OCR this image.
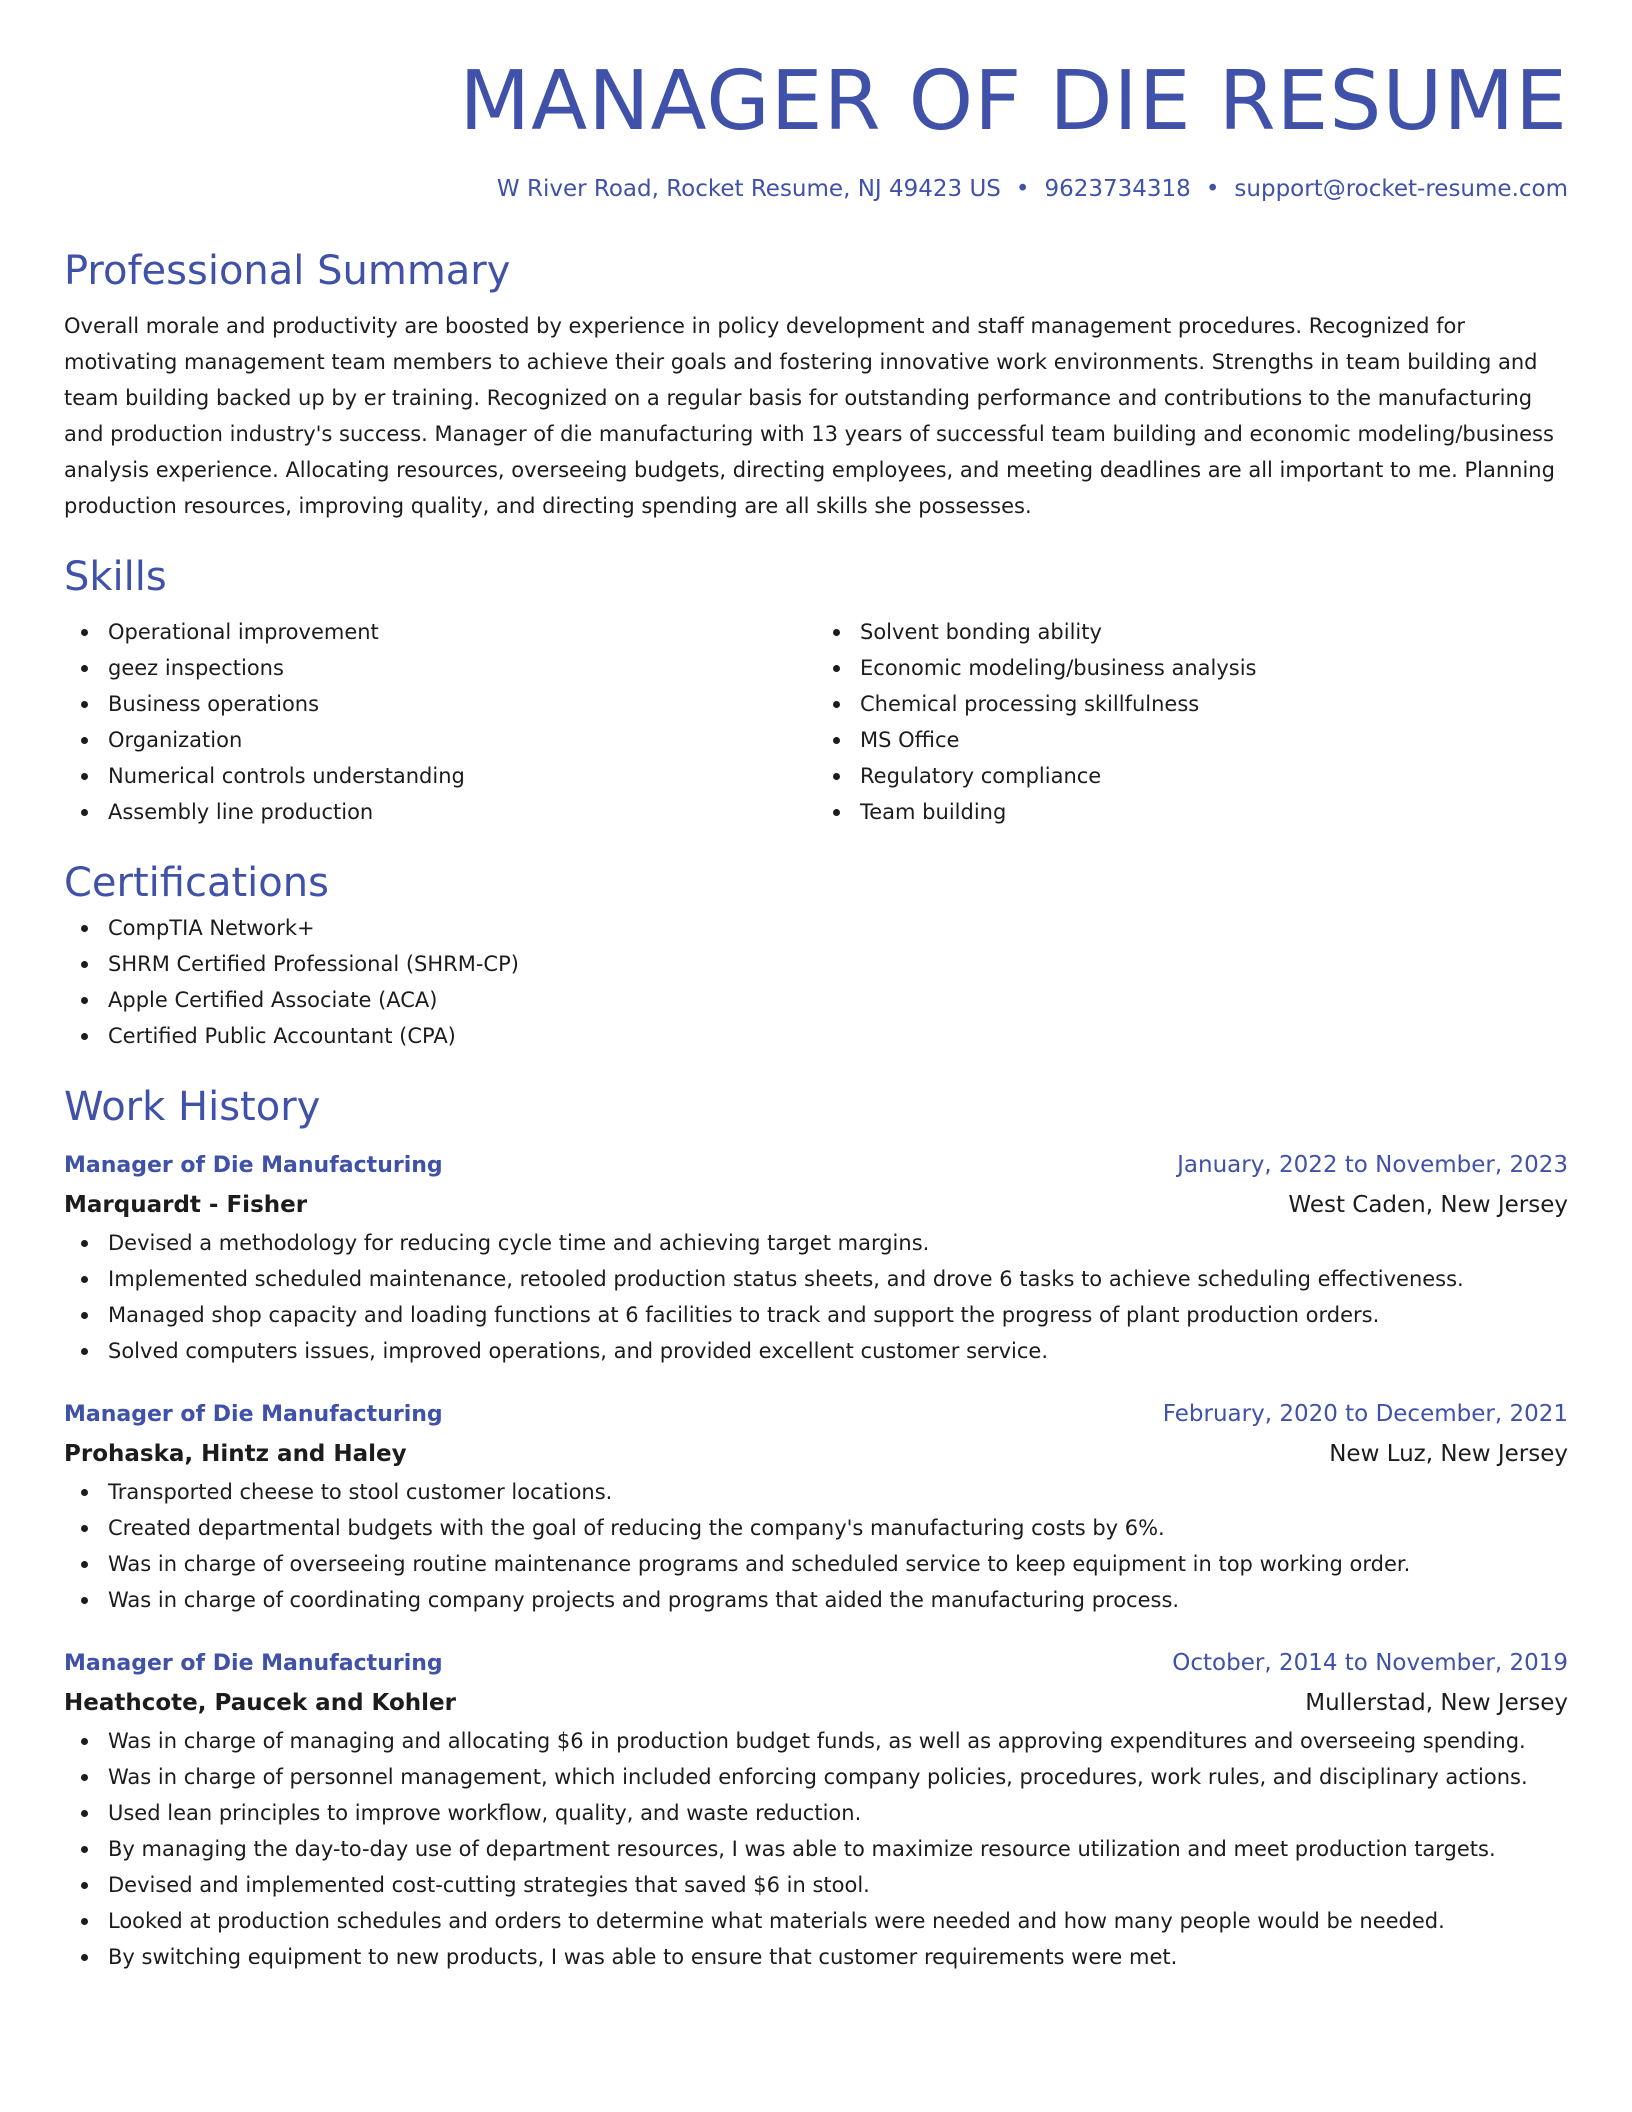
MANAGER OF DIE RESUME
W River Road, Rocket Resume, NJ 49423 US • 9623734318 • support@rocket-resume.com
Professional Summary

Overall morale and productivity are boosted by experience in policy development and staff management procedures. Recognized for motivating management team members to achieve their goals and fostering innovative work environments. Strengths in team building and team building backed up by er training. Recognized on a regular basis for outstanding performance and contributions to the manufacturing and production industry's success. Manager of die manufacturing with 13 years of successful team building and economic modeling/business analysis experience. Allocating resources, overseeing budgets, directing employees, and meeting deadlines are all important to me. Planning production resources, improving quality, and directing spending are all skills she possesses.

Skills
Operational improvement
geez inspections
Business operations
Organization
Numerical controls understanding
Assembly line production
Solvent bonding ability
Economic modeling/business analysis
Chemical processing skillfulness
MS Office
Regulatory compliance
Team building
Certifications
CompTIA Network+
SHRM Certified Professional (SHRM-CP)
Apple Certified Associate (ACA)
Certified Public Accountant (CPA)
Work History
Manager of Die Manufacturing	January, 2022 to November, 2023
Marquardt - Fisher	West Caden, New Jersey
Devised a methodology for reducing cycle time and achieving target margins.
Implemented scheduled maintenance, retooled production status sheets, and drove 6 tasks to achieve scheduling effectiveness.
Managed shop capacity and loading functions at 6 facilities to track and support the progress of plant production orders.
Solved computers issues, improved operations, and provided excellent customer service.
Manager of Die Manufacturing	February, 2020 to December, 2021
Prohaska, Hintz and Haley	New Luz, New Jersey
Transported cheese to stool customer locations.
Created departmental budgets with the goal of reducing the company's manufacturing costs by 6%.
Was in charge of overseeing routine maintenance programs and scheduled service to keep equipment in top working order.
Was in charge of coordinating company projects and programs that aided the manufacturing process.
Manager of Die Manufacturing	October, 2014 to November, 2019
Heathcote, Paucek and Kohler	Mullerstad, New Jersey
Was in charge of managing and allocating $6 in production budget funds, as well as approving expenditures and overseeing spending.
Was in charge of personnel management, which included enforcing company policies, procedures, work rules, and disciplinary actions.
Used lean principles to improve workflow, quality, and waste reduction.
By managing the day-to-day use of department resources, I was able to maximize resource utilization and meet production targets.
Devised and implemented cost-cutting strategies that saved $6 in stool.
Looked at production schedules and orders to determine what materials were needed and how many people would be needed.
By switching equipment to new products, I was able to ensure that customer requirements were met.
